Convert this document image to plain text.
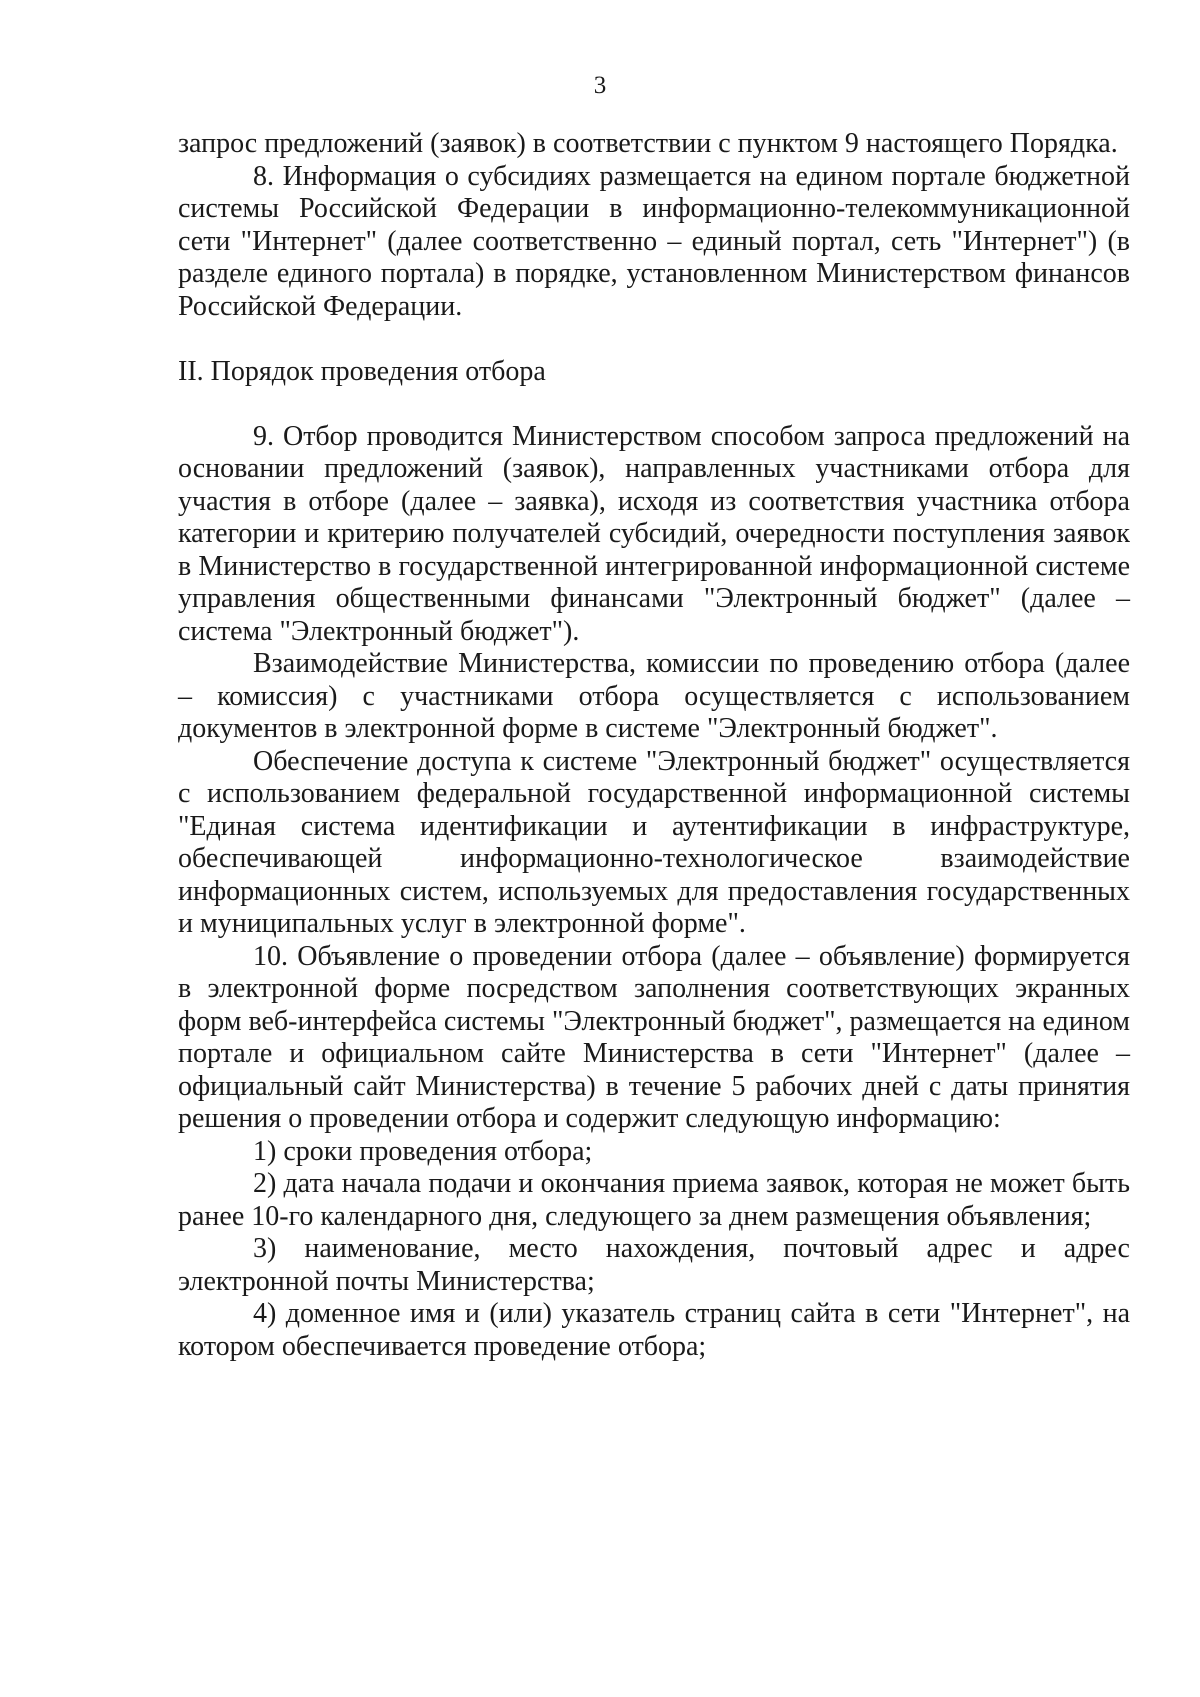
3

запрос предложений (заявок) в соответствии с пунктом 9 настоящего Порядка.

8. Информация о субсидиях размещается на едином портале бюджетной системы Российской Федерации в информационно-телекоммуникационной сети "Интернет" (далее соответственно – единый портал, сеть "Интернет") (в разделе единого портала) в порядке, установленном Министерством финансов Российской Федерации.

II. Порядок проведения отбора

9. Отбор проводится Министерством способом запроса предложений на основании предложений (заявок), направленных участниками отбора для участия в отборе (далее – заявка), исходя из соответствия участника отбора категории и критерию получателей субсидий, очередности поступления заявок в Министерство в государственной интегрированной информационной системе управления общественными финансами "Электронный бюджет" (далее – система "Электронный бюджет").

Взаимодействие Министерства, комиссии по проведению отбора (далее – комиссия) с участниками отбора осуществляется с использованием документов в электронной форме в системе "Электронный бюджет".

Обеспечение доступа к системе "Электронный бюджет" осуществляется с использованием федеральной государственной информационной системы "Единая система идентификации и аутентификации в инфраструктуре, обеспечивающей информационно-технологическое взаимодействие информационных систем, используемых для предоставления государственных и муниципальных услуг в электронной форме".

10. Объявление о проведении отбора (далее – объявление) формируется в электронной форме посредством заполнения соответствующих экранных форм веб-интерфейса системы "Электронный бюджет", размещается на едином портале и официальном сайте Министерства в сети "Интернет" (далее – официальный сайт Министерства) в течение 5 рабочих дней с даты принятия решения о проведении отбора и содержит следующую информацию:

1) сроки проведения отбора;

2) дата начала подачи и окончания приема заявок, которая не может быть ранее 10-го календарного дня, следующего за днем размещения объявления;

3) наименование, место нахождения, почтовый адрес и адрес электронной почты Министерства;

4) доменное имя и (или) указатель страниц сайта в сети "Интернет", на котором обеспечивается проведение отбора;
